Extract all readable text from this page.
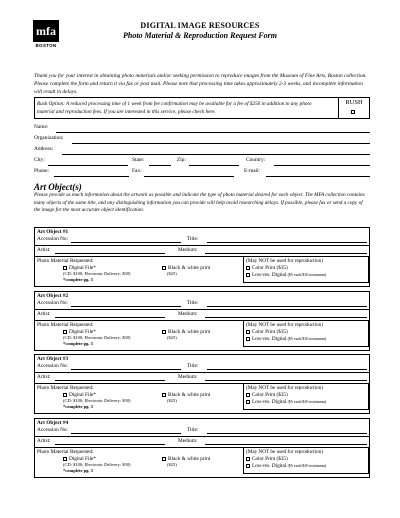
mfa
BOSTON
DIGITAL IMAGE RESOURCES
Photo Material & Reproduction Request Form
Thank you for your interest in obtaining photo materials and/or seeking permission to reproduce images from the Museum of Fine Arts, Boston collection. Please complete the form and return it via fax or post mail. Please note that processing time takes approximately 2-3 weeks, and incomplete information will result in delays.
Rush Option: A reduced processing time of 1 week from fee confirmation may be available for a fee of $250 in addition to any photo material and reproduction fees. If you are interested in this service, please check here.
RUSH
Name:
Organization:
Address:
City:	State:	Zip:	Country:
Phone:	Fax:	E-mail:
Art Object(s)
Please provide as much information about the artwork as possible and indicate the type of photo material desired for each object. The MFA collection contains many objects of the same title, and any distinguishing information you can provide will help avoid researching delays. If possible, please fax or send a copy of the image for the most accurate object identification.
Art Object #1
Accession No:	Title:
Artist:	Medium:
Photo Material Requested:
Digital File*
(CD: $100; Electronic Delivery: $50)
*complete pg. 3
Black & white print
($25)
(May NOT be used for reproduction)
Color Print ($35)
Low-res. Digital ($5 each/$10 minimum)
Art Object #2
Accession No:	Title:
Artist:	Medium:
Photo Material Requested:
Digital File*
(CD: $100; Electronic Delivery: $50)
*complete pg. 3
Black & white print
($25)
(May NOT be used for reproduction)
Color Print ($35)
Low-res. Digital ($5 each/$10 minimum)
Art Object #3
Accession No:	Title:
Artist:	Medium:
Photo Material Requested:
Digital File*
(CD: $100; Electronic Delivery: $50)
*complete pg. 3
Black & white print
($25)
(May NOT be used for reproduction)
Color Print ($35)
Low-res. Digital ($5 each/$10 minimum)
Art Object #4
Accession No:	Title:
Artist:	Medium:
Photo Material Requested:
Digital File*
(CD: $100; Electronic Delivery: $50)
*complete pg. 3
Black & white print
($25)
(May NOT be used for reproduction)
Color Print ($35)
Low-res. Digital ($5 each/$10 minimum)
